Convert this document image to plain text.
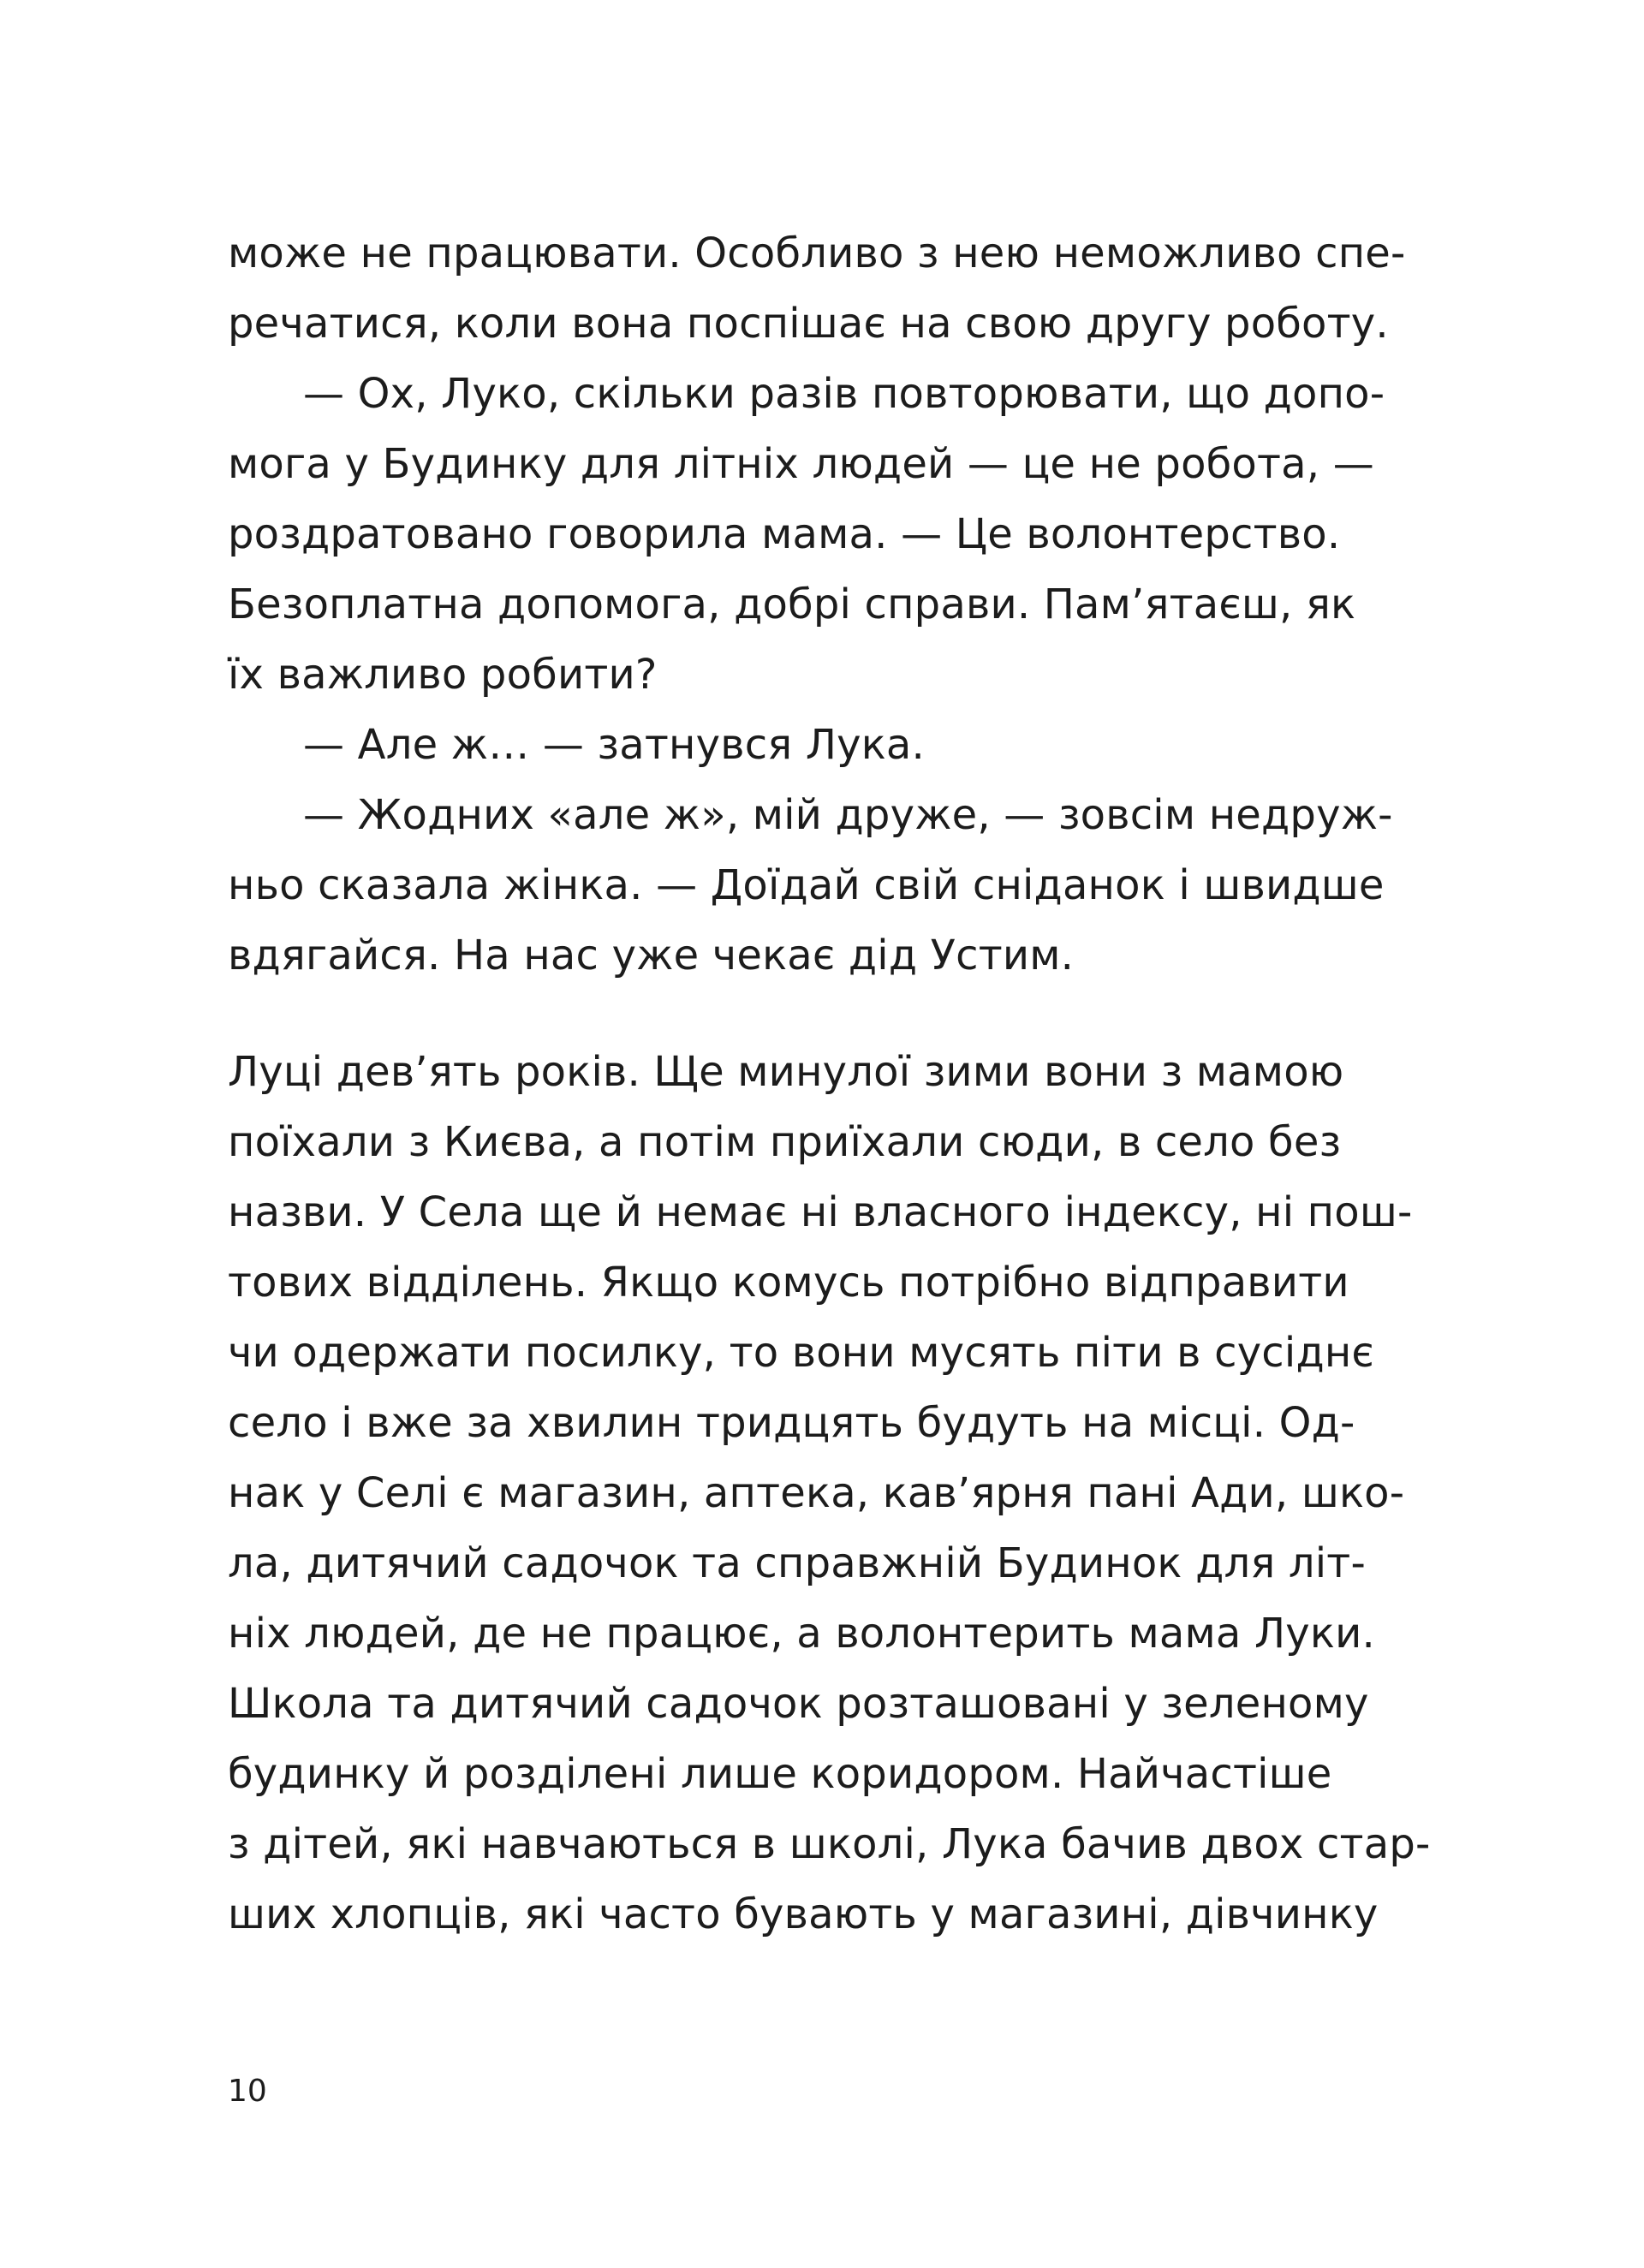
може не працювати. Особливо з нею неможливо спе-
речатися, коли вона поспішає на свою другу роботу.
— Ох, Луко, скільки разів повторювати, що допо-
мога у Будинку для літніх людей — це не робота, —
роздратовано говорила мама. — Це волонтерство.
Безоплатна допомога, добрі справи. Пам’ятаєш, як
їх важливо робити?
— Але ж… — затнувся Лука.
— Жодних «але ж», мій друже, — зовсім недруж-
ньо сказала жінка. — Доїдай свій сніданок і швидше
вдягайся. На нас уже чекає дід Устим.
Луці дев’ять років. Ще минулої зими вони з мамою
поїхали з Києва, а потім приїхали сюди, в село без
назви. У Села ще й немає ні власного індексу, ні пош-
тових відділень. Якщо комусь потрібно відправити
чи одержати посилку, то вони мусять піти в сусіднє
село і вже за хвилин тридцять будуть на місці. Од-
нак у Селі є магазин, аптека, кав’ярня пані Ади, шко-
ла, дитячий садочок та справжній Будинок для літ-
ніх людей, де не працює, а волонтерить мама Луки.
Школа та дитячий садочок розташовані у зеленому
будинку й розділені лише коридором. Найчастіше
з дітей, які навчаються в школі, Лука бачив двох стар-
ших хлопців, які часто бувають у магазині, дівчинку
10
